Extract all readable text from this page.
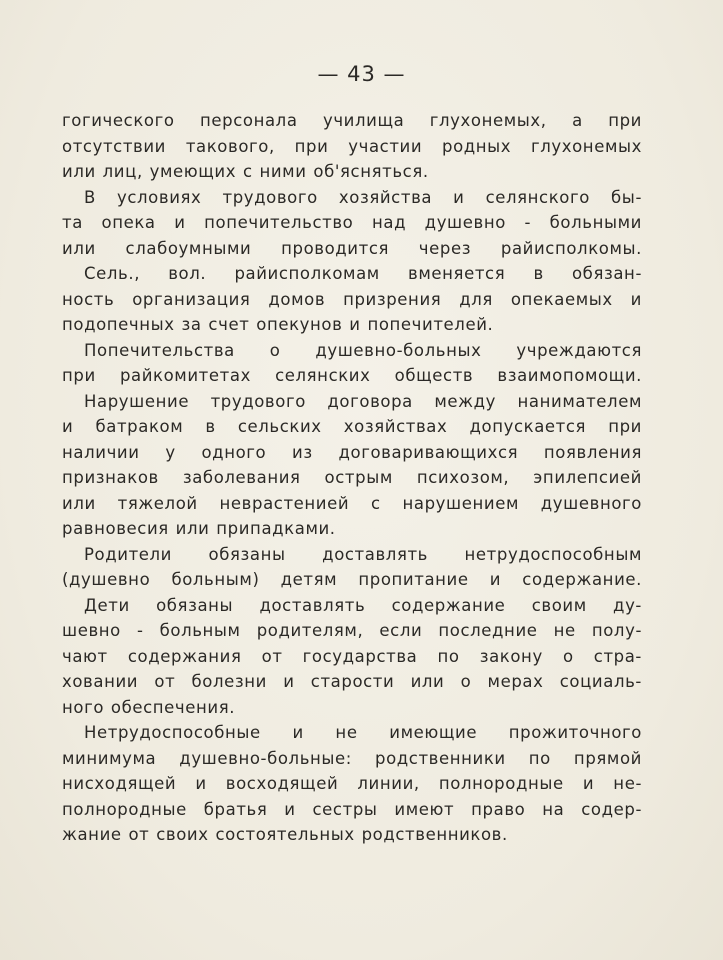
— 43 —
гогического персонала училища глухонемых, а при
отсутствии такового, при участии родных глухонемых
или лиц, умеющих с ними об'ясняться.
В условиях трудового хозяйства и селянского бы-
та опека и попечительство над душевно - больными
или слабоумными проводится через райисполкомы.
Сель., вол. райисполкомам вменяется в обязан-
ность организация домов призрения для опекаемых и
подопечных за счет опекунов и попечителей.
Попечительства о душевно-больных учреждаются
при райкомитетах селянских обществ взаимопомощи.
Нарушение трудового договора между нанимателем
и батраком в сельских хозяйствах допускается при
наличии у одного из договаривающихся появления
признаков заболевания острым психозом, эпилепсией
или тяжелой неврастенией с нарушением душевного
равновесия или припадками.
Родители обязаны доставлять нетрудоспособным
(душевно больным) детям пропитание и содержание.
Дети обязаны доставлять содержание своим ду-
шевно - больным родителям, если последние не полу-
чают содержания от государства по закону о стра-
ховании от болезни и старости или о мерах социаль-
ного обеспечения.
Нетрудоспособные и не имеющие прожиточного
минимума душевно-больные: родственники по прямой
нисходящей и восходящей линии, полнородные и не-
полнородные братья и сестры имеют право на содер-
жание от своих состоятельных родственников.
